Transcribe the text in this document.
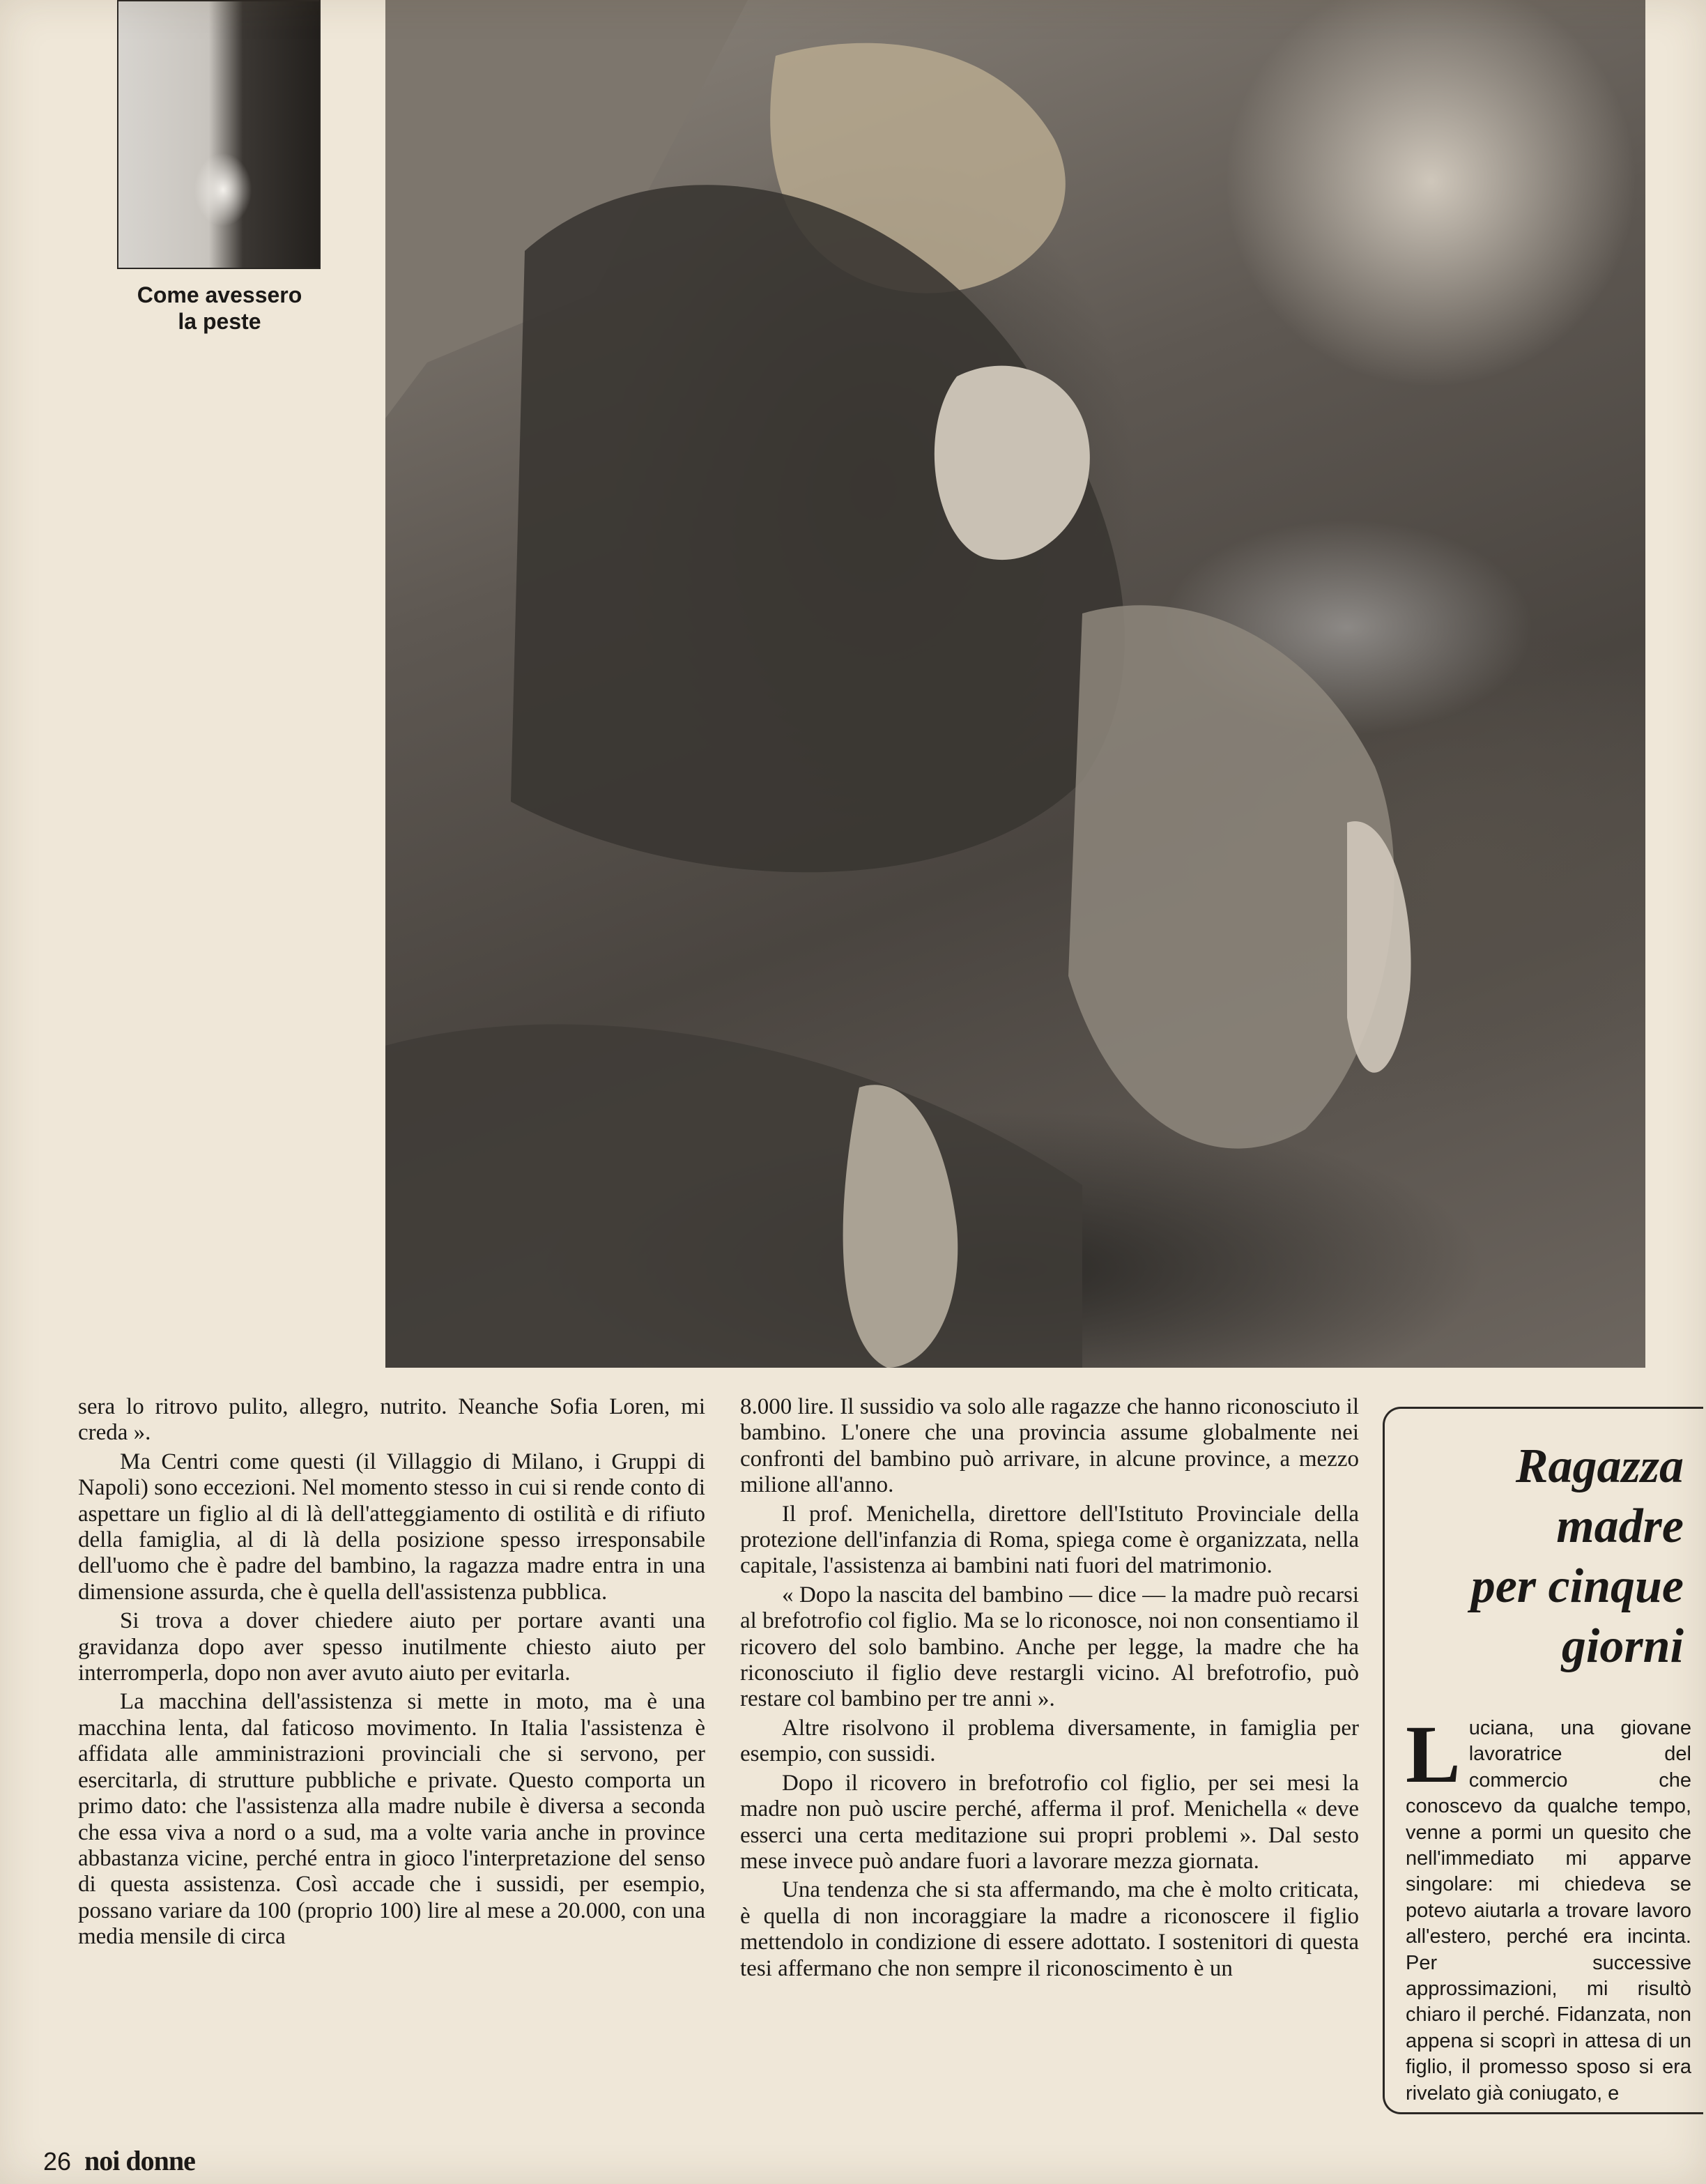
Come avessero
la peste

sera lo ritrovo pulito, allegro, nutrito. Neanche Sofia Loren, mi creda ».

Ma Centri come questi (il Villaggio di Milano, i Gruppi di Napoli) sono eccezioni. Nel momento stesso in cui si rende conto di aspettare un figlio al di là dell'atteggiamento di ostilità e di rifiuto della famiglia, al di là della posizione spesso irresponsabile dell'uomo che è padre del bambino, la ragazza madre entra in una dimensione assurda, che è quella dell'assistenza pubblica.

Si trova a dover chiedere aiuto per portare avanti una gravidanza dopo aver spesso inutilmente chiesto aiuto per interromperla, dopo non aver avuto aiuto per evitarla.

La macchina dell'assistenza si mette in moto, ma è una macchina lenta, dal faticoso movimento. In Italia l'assistenza è affidata alle amministrazioni provinciali che si servono, per esercitarla, di strutture pubbliche e private. Questo comporta un primo dato: che l'assistenza alla madre nubile è diversa a seconda che essa viva a nord o a sud, ma a volte varia anche in province abbastanza vicine, perché entra in gioco l'interpretazione del senso di questa assistenza. Così accade che i sussidi, per esempio, possano variare da 100 (proprio 100) lire al mese a 20.000, con una media mensile di circa

8.000 lire. Il sussidio va solo alle ragazze che hanno riconosciuto il bambino. L'onere che una provincia assume globalmente nei confronti del bambino può arrivare, in alcune province, a mezzo milione all'anno.

Il prof. Menichella, direttore dell'Istituto Provinciale della protezione dell'infanzia di Roma, spiega come è organizzata, nella capitale, l'assistenza ai bambini nati fuori del matrimonio.

« Dopo la nascita del bambino — dice — la madre può recarsi al brefotrofio col figlio. Ma se lo riconosce, noi non consentiamo il ricovero del solo bambino. Anche per legge, la madre che ha riconosciuto il figlio deve restargli vicino. Al brefotrofio, può restare col bambino per tre anni ».

Altre risolvono il problema diversamente, in famiglia per esempio, con sussidi.

Dopo il ricovero in brefotrofio col figlio, per sei mesi la madre non può uscire perché, afferma il prof. Menichella « deve esserci una certa meditazione sui propri problemi ». Dal sesto mese invece può andare fuori a lavorare mezza giornata.

Una tendenza che si sta affermando, ma che è molto criticata, è quella di non incoraggiare la madre a riconoscere il figlio mettendolo in condizione di essere adottato. I sostenitori di questa tesi affermano che non sempre il riconoscimento è un

Ragazza
madre
per cinque
giorni
Luciana, una giovane lavoratrice del commercio che conoscevo da qualche tempo, venne a pormi un quesito che nell'immediato mi apparve singolare: mi chiedeva se potevo aiutarla a trovare lavoro all'estero, perché era incinta. Per successive approssimazioni, mi risultò chiaro il perché. Fidanzata, non appena si scoprì in attesa di un figlio, il promesso sposo si era rivelato già coniugato, e
26 noi donne
